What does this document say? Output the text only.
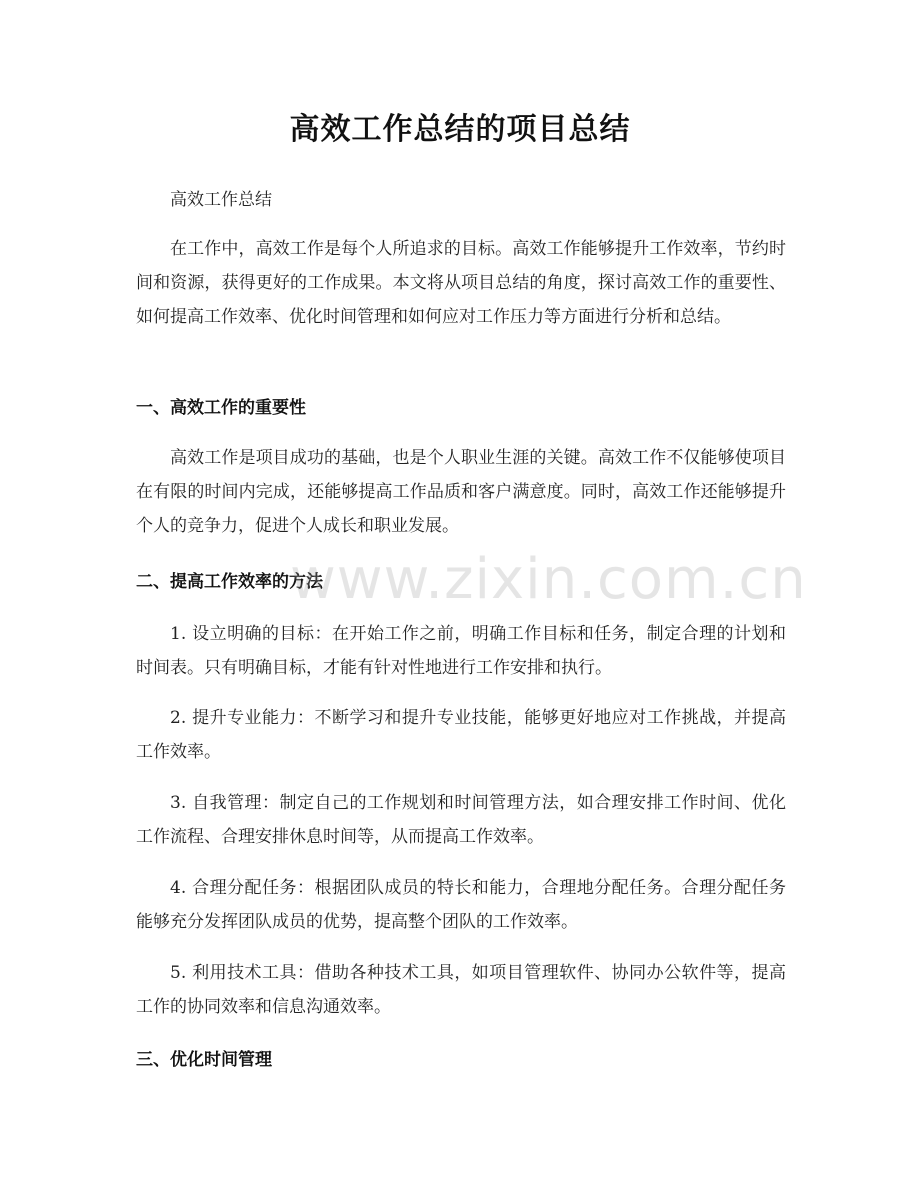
高效工作总结的项目总结
高效工作总结
在工作中，高效工作是每个人所追求的目标。高效工作能够提升工作效率，节约时间和资源，获得更好的工作成果。本文将从项目总结的角度，探讨高效工作的重要性、如何提高工作效率、优化时间管理和如何应对工作压力等方面进行分析和总结。
一、高效工作的重要性
高效工作是项目成功的基础，也是个人职业生涯的关键。高效工作不仅能够使项目在有限的时间内完成，还能够提高工作品质和客户满意度。同时，高效工作还能够提升个人的竞争力，促进个人成长和职业发展。
二、提高工作效率的方法
1. 设立明确的目标：在开始工作之前，明确工作目标和任务，制定合理的计划和时间表。只有明确目标，才能有针对性地进行工作安排和执行。
2. 提升专业能力：不断学习和提升专业技能，能够更好地应对工作挑战，并提高工作效率。
3. 自我管理：制定自己的工作规划和时间管理方法，如合理安排工作时间、优化工作流程、合理安排休息时间等，从而提高工作效率。
4. 合理分配任务：根据团队成员的特长和能力，合理地分配任务。合理分配任务能够充分发挥团队成员的优势，提高整个团队的工作效率。
5. 利用技术工具：借助各种技术工具，如项目管理软件、协同办公软件等，提高工作的协同效率和信息沟通效率。
三、优化时间管理
www.zixin.com.cn
